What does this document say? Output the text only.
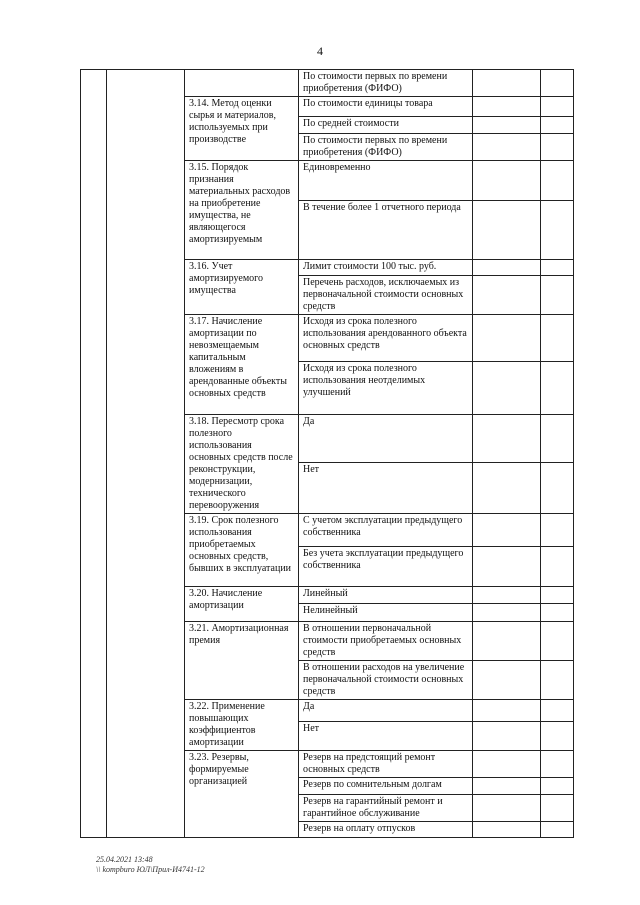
4
			По стоимости первых по времени приобретения (ФИФО)		
		3.14. Метод оценки сырья и материалов, используемых при производстве	По стоимости единицы товара		
			По средней стоимости		
			По стоимости первых по времени приобретения (ФИФО)		
		3.15. Порядок признания материальных расходов на приобретение имущества, не являющегося амортизируемым	Единовременно		
			В течение более 1 отчетного периода		
		3.16. Учет амортизируемого имущества	Лимит стоимости 100 тыс. руб.		
			Перечень расходов, исключаемых из первоначальной стоимости основных средств		
		3.17. Начисление амортизации по невозмещаемым капитальным вложениям в арендованные объекты основных средств	Исходя из срока полезного использования арендованного объекта основных средств		
			Исходя из срока полезного использования неотделимых улучшений		
		3.18. Пересмотр срока полезного использования основных средств после реконструкции, модернизации, технического перевооружения	Да		
			Нет		
		3.19. Срок полезного использования приобретаемых основных средств, бывших в эксплуатации	С учетом эксплуатации предыдущего собственника		
			Без учета эксплуатации предыдущего собственника		
		3.20. Начисление амортизации	Линейный		
			Нелинейный		
		3.21. Амортизационная премия	В отношении первоначальной стоимости приобретаемых основных средств		
			В отношении расходов на увеличение первоначальной стоимости основных средств		
		3.22. Применение повышающих коэффициентов амортизации	Да		
			Нет		
		3.23. Резервы, формируемые организацией	Резерв на предстоящий ремонт основных средств		
			Резерв по сомнительным долгам		
			Резерв на гарантийный ремонт и гарантийное обслуживание		
			Резерв на оплату отпусков		
25.04.2021 13:48
\\ kompburo ЮЛ\Прил-И4741-12
